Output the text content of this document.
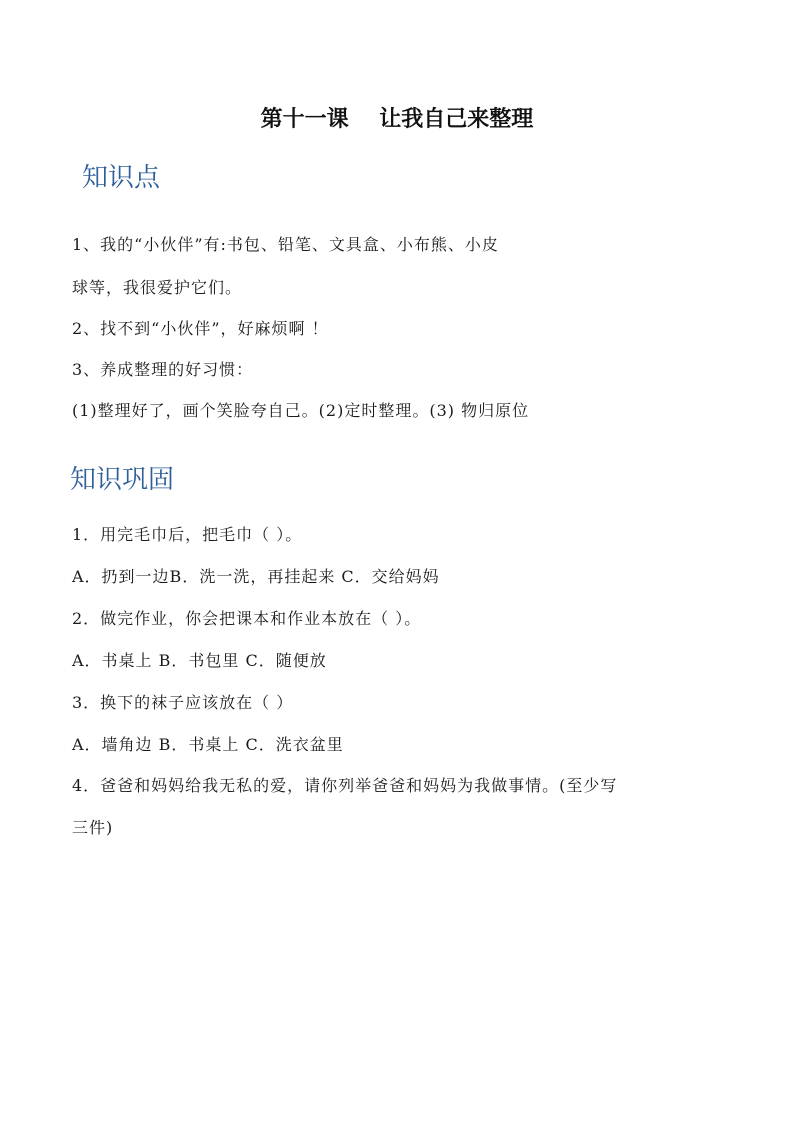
第十一课    让我自己来整理
知识点
1、我的“小伙伴”有:书包、铅笔、文具盒、小布熊、小皮
球等，我很爱护它们。
2、找不到“小伙伴”，好麻烦啊 ！
3、养成整理的好习惯：
(1)整理好了，画个笑脸夸自己。(2)定时整理。(3) 物归原位
知识巩固
1．用完毛巾后，把毛巾（ ）。
A．扔到一边B．洗一洗，再挂起来 C．交给妈妈
2．做完作业，你会把课本和作业本放在（ ）。
A．书桌上 B．书包里 C．随便放
3．换下的袜子应该放在（ ）
A．墙角边 B．书桌上 C．洗衣盆里
4．爸爸和妈妈给我无私的爱，请你列举爸爸和妈妈为我做事情。(至少写
三件)
